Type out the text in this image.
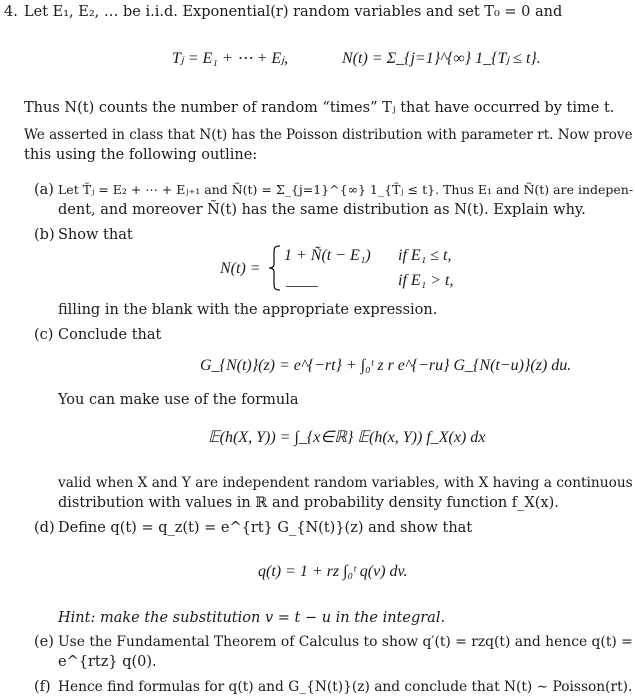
4. Let E₁, E₂, … be i.i.d. Exponential(r) random variables and set T₀ = 0 and
Tⱼ = E₁ + ⋯ + Eⱼ,	N(t) = Σ_{j=1}^{∞} 1_{Tⱼ ≤ t}.
Thus N(t) counts the number of random “times” Tⱼ that have occurred by time t.
We asserted in class that N(t) has the Poisson distribution with parameter rt. Now prove
this using the following outline:
(a) Let T̃ⱼ = E₂ + ⋯ + Eⱼ₊₁ and Ñ(t) = Σ_{j=1}^{∞} 1_{T̃ⱼ ≤ t}. Thus E₁ and Ñ(t) are indepen-
dent, and moreover Ñ(t) has the same distribution as N(t). Explain why.
(b) Show that
N(t) =
1 + Ñ(t − E₁) if E₁ ≤ t,
____	if E₁ > t,
filling in the blank with the appropriate expression.
(c) Conclude that
G_{N(t)}(z) = e^{−rt} + ∫₀ᵗ z r e^{−ru} G_{N(t−u)}(z) du.
You can make use of the formula
𝔼(h(X, Y)) = ∫_{x∈ℝ} 𝔼(h(x, Y)) f_X(x) dx
valid when X and Y are independent random variables, with X having a continuous
distribution with values in ℝ and probability density function f_X(x).
(d) Define q(t) = q_z(t) = e^{rt} G_{N(t)}(z) and show that
q(t) = 1 + rz ∫₀ᵗ q(v) dv.
Hint: make the substitution v = t − u in the integral.
(e) Use the Fundamental Theorem of Calculus to show q′(t) = rzq(t) and hence q(t) =
e^{rtz} q(0).
(f) Hence find formulas for q(t) and G_{N(t)}(z) and conclude that N(t) ∼ Poisson(rt).
